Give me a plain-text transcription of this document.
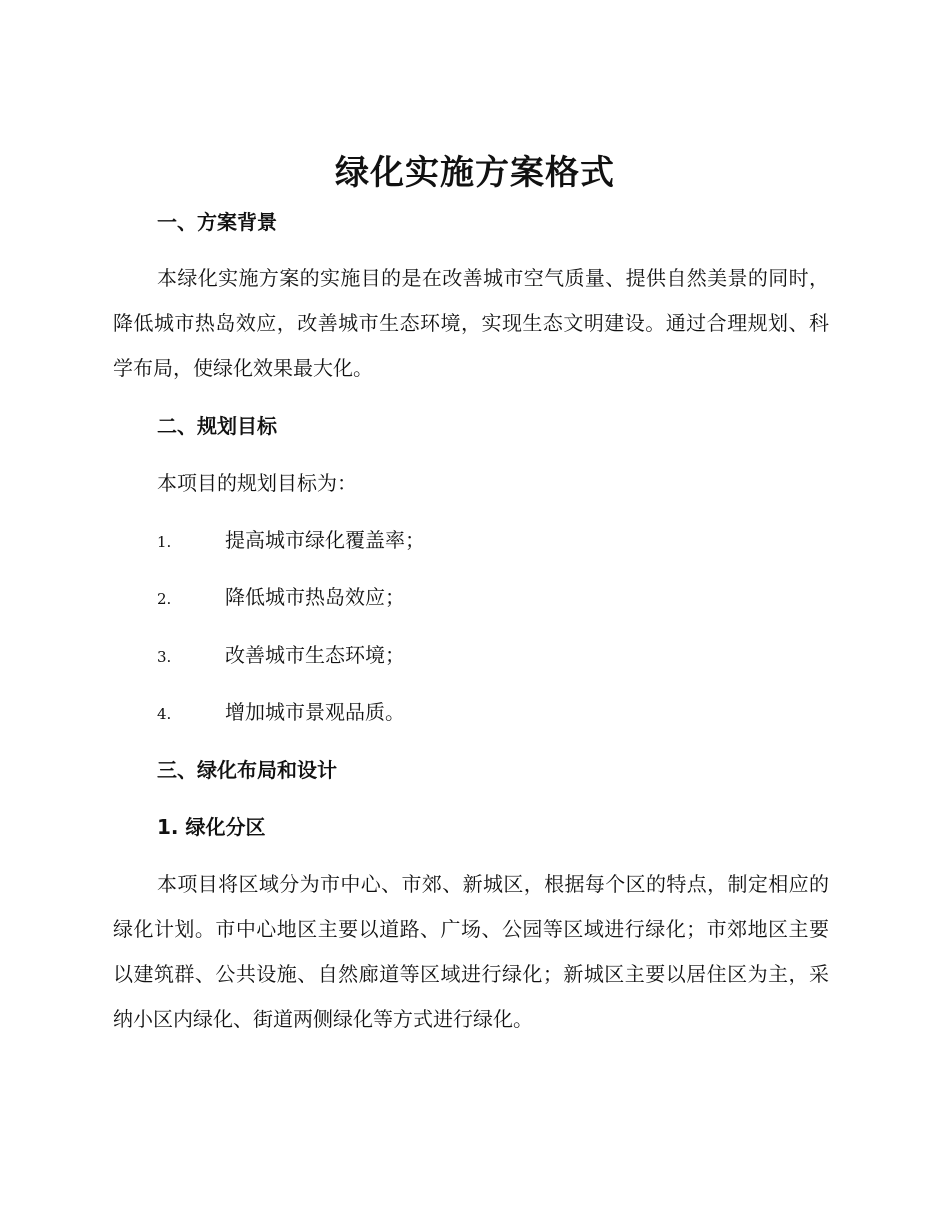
绿化实施方案格式
一、方案背景
本绿化实施方案的实施目的是在改善城市空气质量、提供自然美景的同时，降低城市热岛效应，改善城市生态环境，实现生态文明建设。通过合理规划、科学布局，使绿化效果最大化。
二、规划目标
本项目的规划目标为：
1.	提高城市绿化覆盖率；
2.	降低城市热岛效应；
3.	改善城市生态环境；
4.	增加城市景观品质。
三、绿化布局和设计
1. 绿化分区
本项目将区域分为市中心、市郊、新城区，根据每个区的特点，制定相应的绿化计划。市中心地区主要以道路、广场、公园等区域进行绿化；市郊地区主要以建筑群、公共设施、自然廊道等区域进行绿化；新城区主要以居住区为主，采纳小区内绿化、街道两侧绿化等方式进行绿化。
